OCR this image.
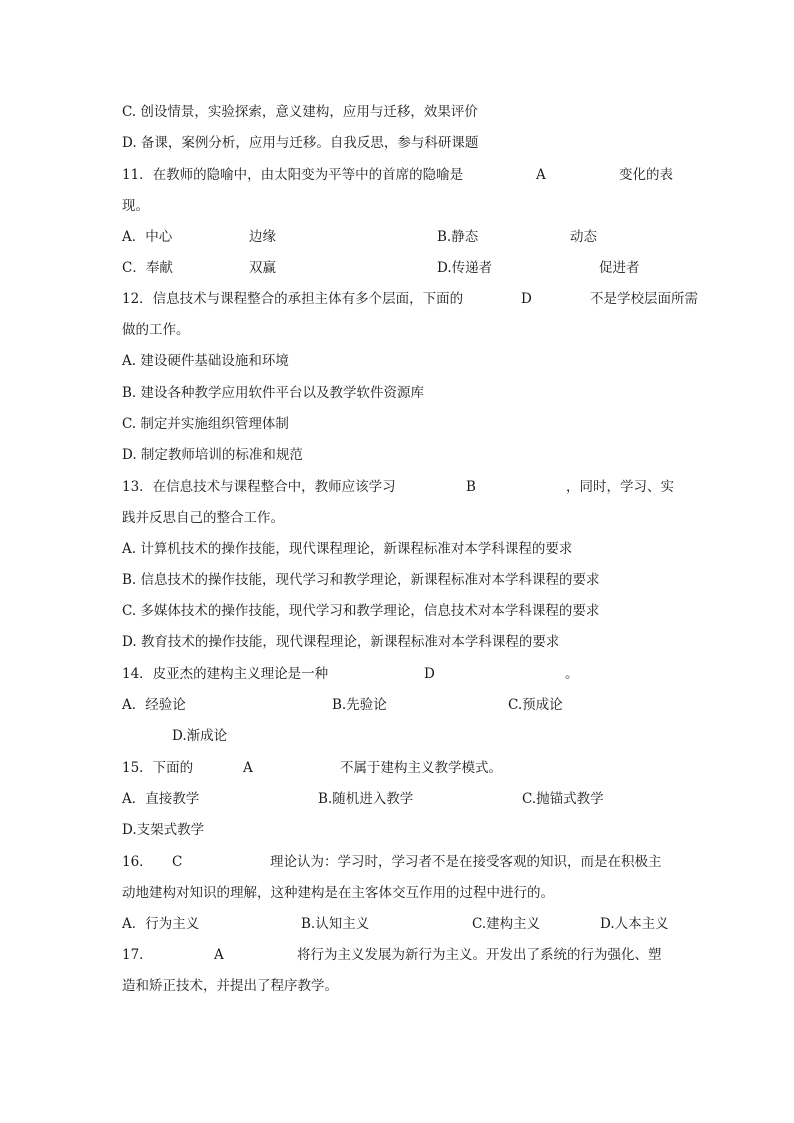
C. 创设情景，实验探索，意义建构，应用与迁移，效果评价
D. 备课，案例分析，应用与迁移。自我反思，参与科研课题
11．在教师的隐喻中，由太阳变为平等中的首席的隐喻是	A	变化的表
12．信息技术与课程整合的承担主体有多个层面，下面的	D	不是学校层面所需
13．在信息技术与课程整合中，教师应该学习	B	，同时，学习、实
16． C	理论认为：学习时，学习者不是在接受客观的知识，而是在积极主
17．	A	将行为主义发展为新行为主义。开发出了系统的行为强化、塑
现。
A．中心	边缘	B.静态	动态
C．奉献	双赢	D.传递者	促进者
做的工作。
A. 建设硬件基础设施和环境
B. 建设各种教学应用软件平台以及教学软件资源库
C. 制定并实施组织管理体制
D. 制定教师培训的标准和规范
践并反思自己的整合工作。
A. 计算机技术的操作技能，现代课程理论，新课程标准对本学科课程的要求
B. 信息技术的操作技能，现代学习和教学理论，新课程标准对本学科课程的要求
C. 多媒体技术的操作技能，现代学习和教学理论，信息技术对本学科课程的要求
D. 教育技术的操作技能，现代课程理论，新课程标准对本学科课程的要求
14．皮亚杰的建构主义理论是一种	D	。
A．经验论	B.先验论	C.预成论
D.渐成论
15．下面的	A	不属于建构主义教学模式。
A．直接教学	B.随机进入教学	C.抛锚式教学
D.支架式教学
动地建构对知识的理解，这种建构是在主客体交互作用的过程中进行的。
A．行为主义	B.认知主义	C.建构主义	D.人本主义
造和矫正技术，并提出了程序教学。
